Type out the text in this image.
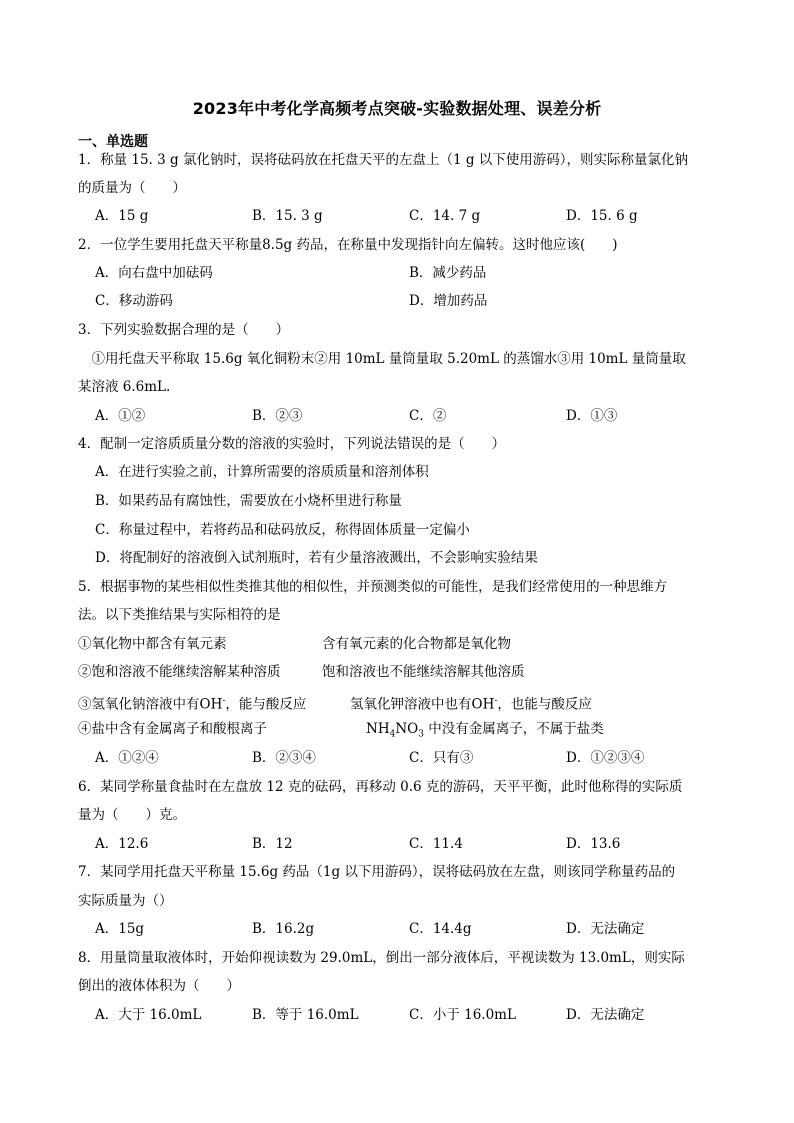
2023年中考化学高频考点突破-实验数据处理、误差分析
一、单选题
1．称量 15. 3 g 氯化钠时，误将砝码放在托盘天平的左盘上（1 g 以下使用游码），则实际称量氯化钠
的质量为（　　）
A．15 g	B．15. 3 g	C．14. 7 g	D．15. 6 g
2．一位学生要用托盘天平称量8.5g 药品，在称量中发现指针向左偏转。这时他应该(　　)
A．向右盘中加砝码	B．减少药品
C．移动游码	D．增加药品
3．下列实验数据合理的是（　　）
　①用托盘天平称取 15.6g 氧化铜粉末②用 10mL 量筒量取 5.20mL 的蒸馏水③用 10mL 量筒量取
某溶液 6.6mL.
A．①②	B．②③	C．②	D．①③
4．配制一定溶质质量分数的溶液的实验时，下列说法错误的是（　　）
A．在进行实验之前，计算所需要的溶质质量和溶剂体积
B．如果药品有腐蚀性，需要放在小烧杯里进行称量
C．称量过程中，若将药品和砝码放反，称得固体质量一定偏小
D．将配制好的溶液倒入试剂瓶时，若有少量溶液溅出，不会影响实验结果
5．根据事物的某些相似性类推其他的相似性，并预测类似的可能性，是我们经常使用的一种思维方
法。以下类推结果与实际相符的是
①氧化物中都含有氧元素	含有氧元素的化合物都是氧化物
②饱和溶液不能继续溶解某种溶质	饱和溶液也不能继续溶解其他溶质
③氢氧化钠溶液中有OH-，能与酸反应	氢氧化钾溶液中也有OH-，也能与酸反应
④盐中含有金属离子和酸根离子	$NH_4NO_3$ 中没有金属离子，不属于盐类
A．①②④	B．②③④	C．只有③	D．①②③④
6．某同学称量食盐时在左盘放 12 克的砝码，再移动 0.6 克的游码，天平平衡，此时他称得的实际质
量为（　　）克。
A．12.6	B．12	C．11.4	D．13.6
7．某同学用托盘天平称量 15.6g 药品（1g 以下用游码），误将砝码放在左盘，则该同学称量药品的
实际质量为（）
A．15g	B．16.2g	C．14.4g	D．无法确定
8．用量筒量取液体时，开始仰视读数为 29.0mL，倒出一部分液体后，平视读数为 13.0mL，则实际
倒出的液体体积为（　　）
A．大于 16.0mL	B．等于 16.0mL	C．小于 16.0mL	D．无法确定
